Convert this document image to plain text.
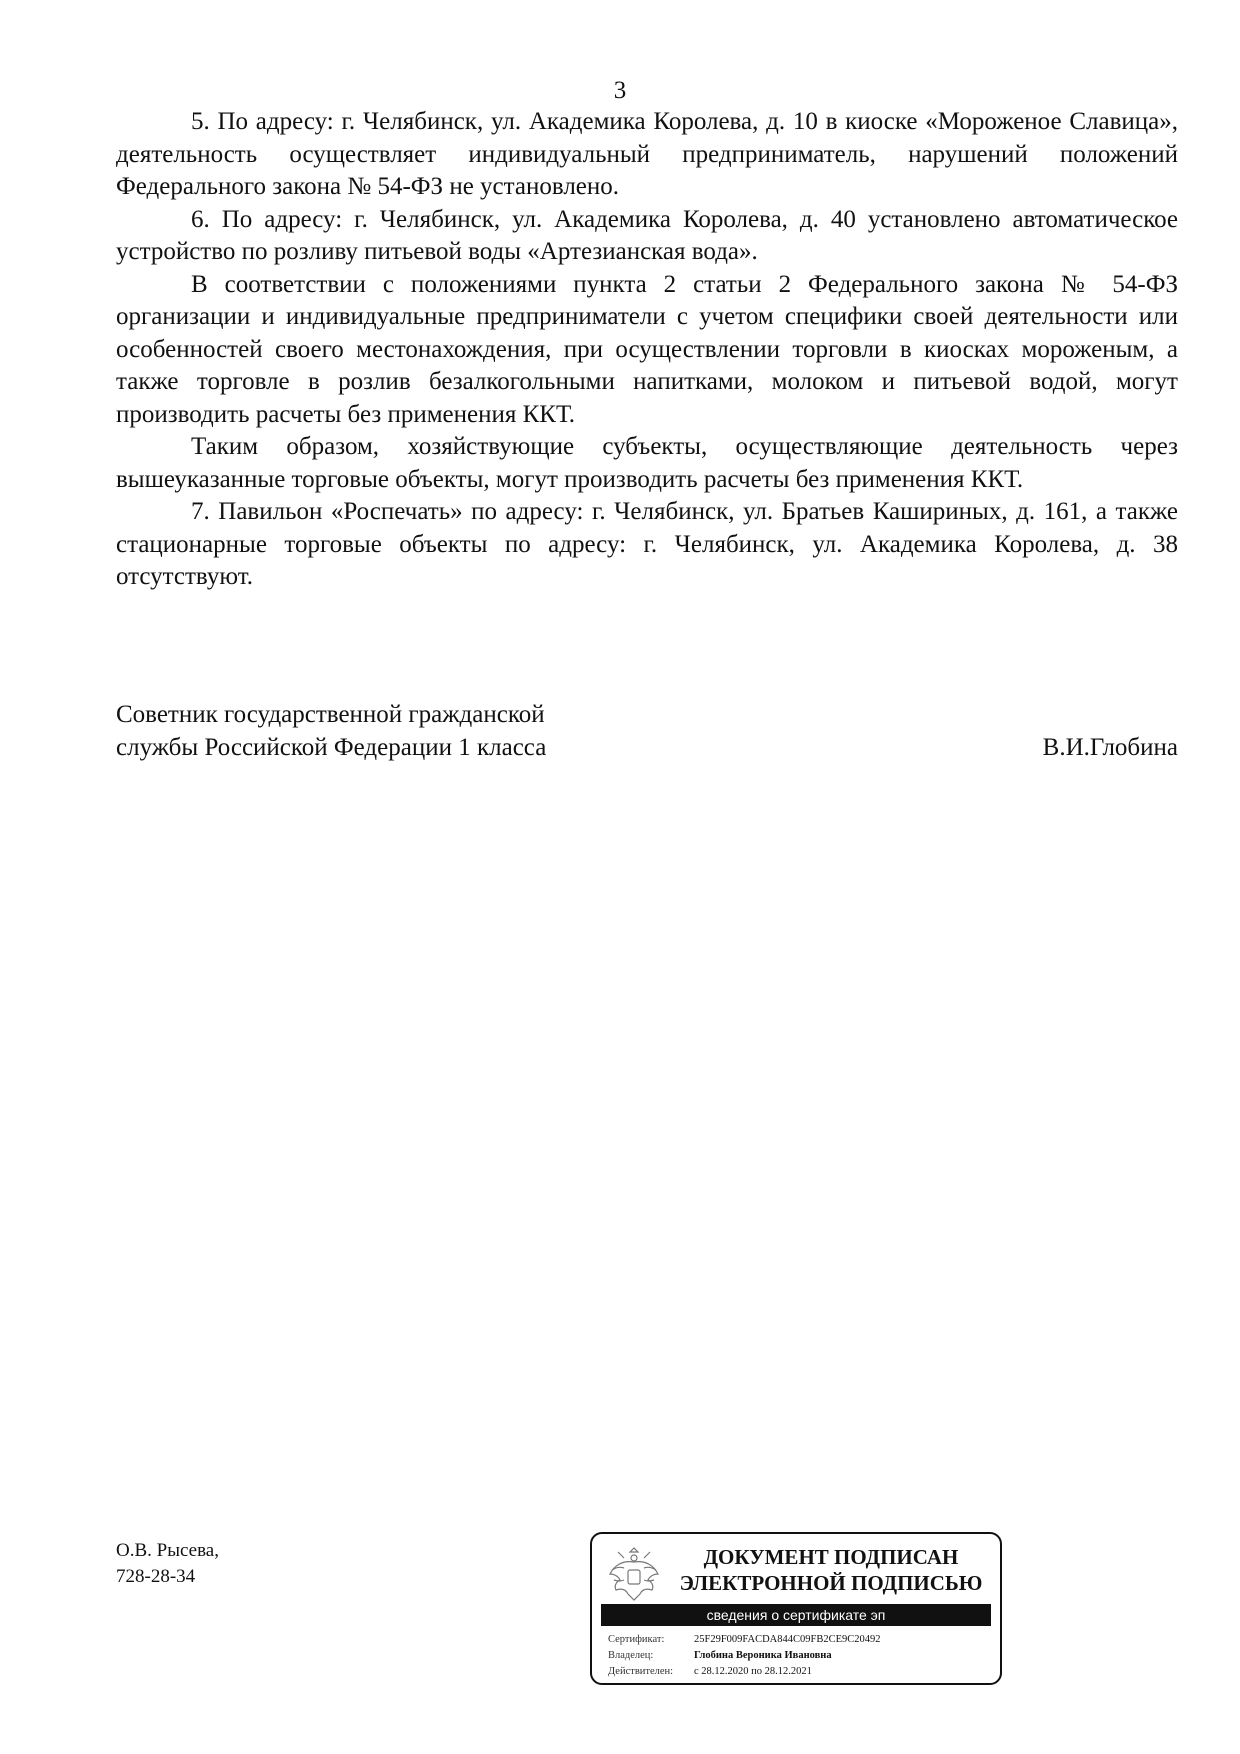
3

5. По адресу: г. Челябинск, ул. Академика Королева, д. 10 в киоске «Мороженое Славица», деятельность осуществляет индивидуальный предприниматель, нарушений положений Федерального закона № 54-ФЗ не установлено.

6. По адресу: г. Челябинск, ул. Академика Королева, д. 40 установлено автоматическое устройство по розливу питьевой воды «Артезианская вода».

В соответствии с положениями пункта 2 статьи 2 Федерального закона № 54-ФЗ организации и индивидуальные предприниматели с учетом специфики своей деятельности или особенностей своего местонахождения, при осуществлении торговли в киосках мороженым, а также торговле в розлив безалкогольными напитками, молоком и питьевой водой, могут производить расчеты без применения ККТ.

Таким образом, хозяйствующие субъекты, осуществляющие деятельность через вышеуказанные торговые объекты, могут производить расчеты без применения ККТ.

7. Павильон «Роспечать» по адресу: г. Челябинск, ул. Братьев Кашириных, д. 161, а также стационарные торговые объекты по адресу: г. Челябинск, ул. Академика Королева, д. 38 отсутствуют.

Советник государственной гражданской
службы Российской Федерации 1 класса	В.И.Глобина
О.В. Рысева,
728-28-34
ДОКУМЕНТ ПОДПИСАН
ЭЛЕКТРОННОЙ ПОДПИСЬЮ
сведения о сертификате эп
Сертификат:	25F29F009FACDA844C09FB2CE9C20492
Владелец:	Глобина Вероника Ивановна
Действителен:	с 28.12.2020 по 28.12.2021
